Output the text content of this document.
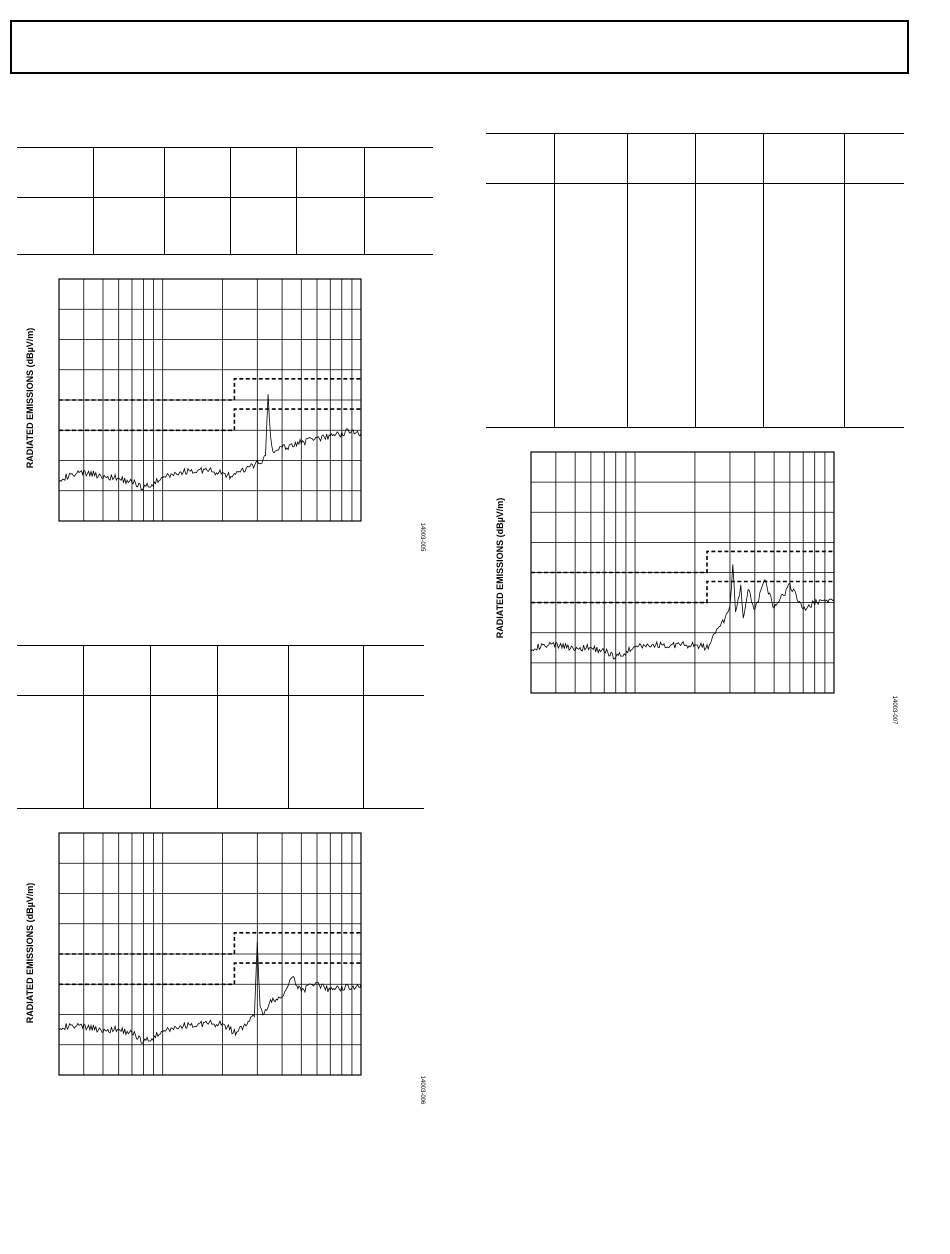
RADIATED EMISSIONS (dBµV/m)
14003-005
RADIATED EMISSIONS (dBµV/m)
14003-006
RADIATED EMISSIONS (dBµV/m)
14003-007
